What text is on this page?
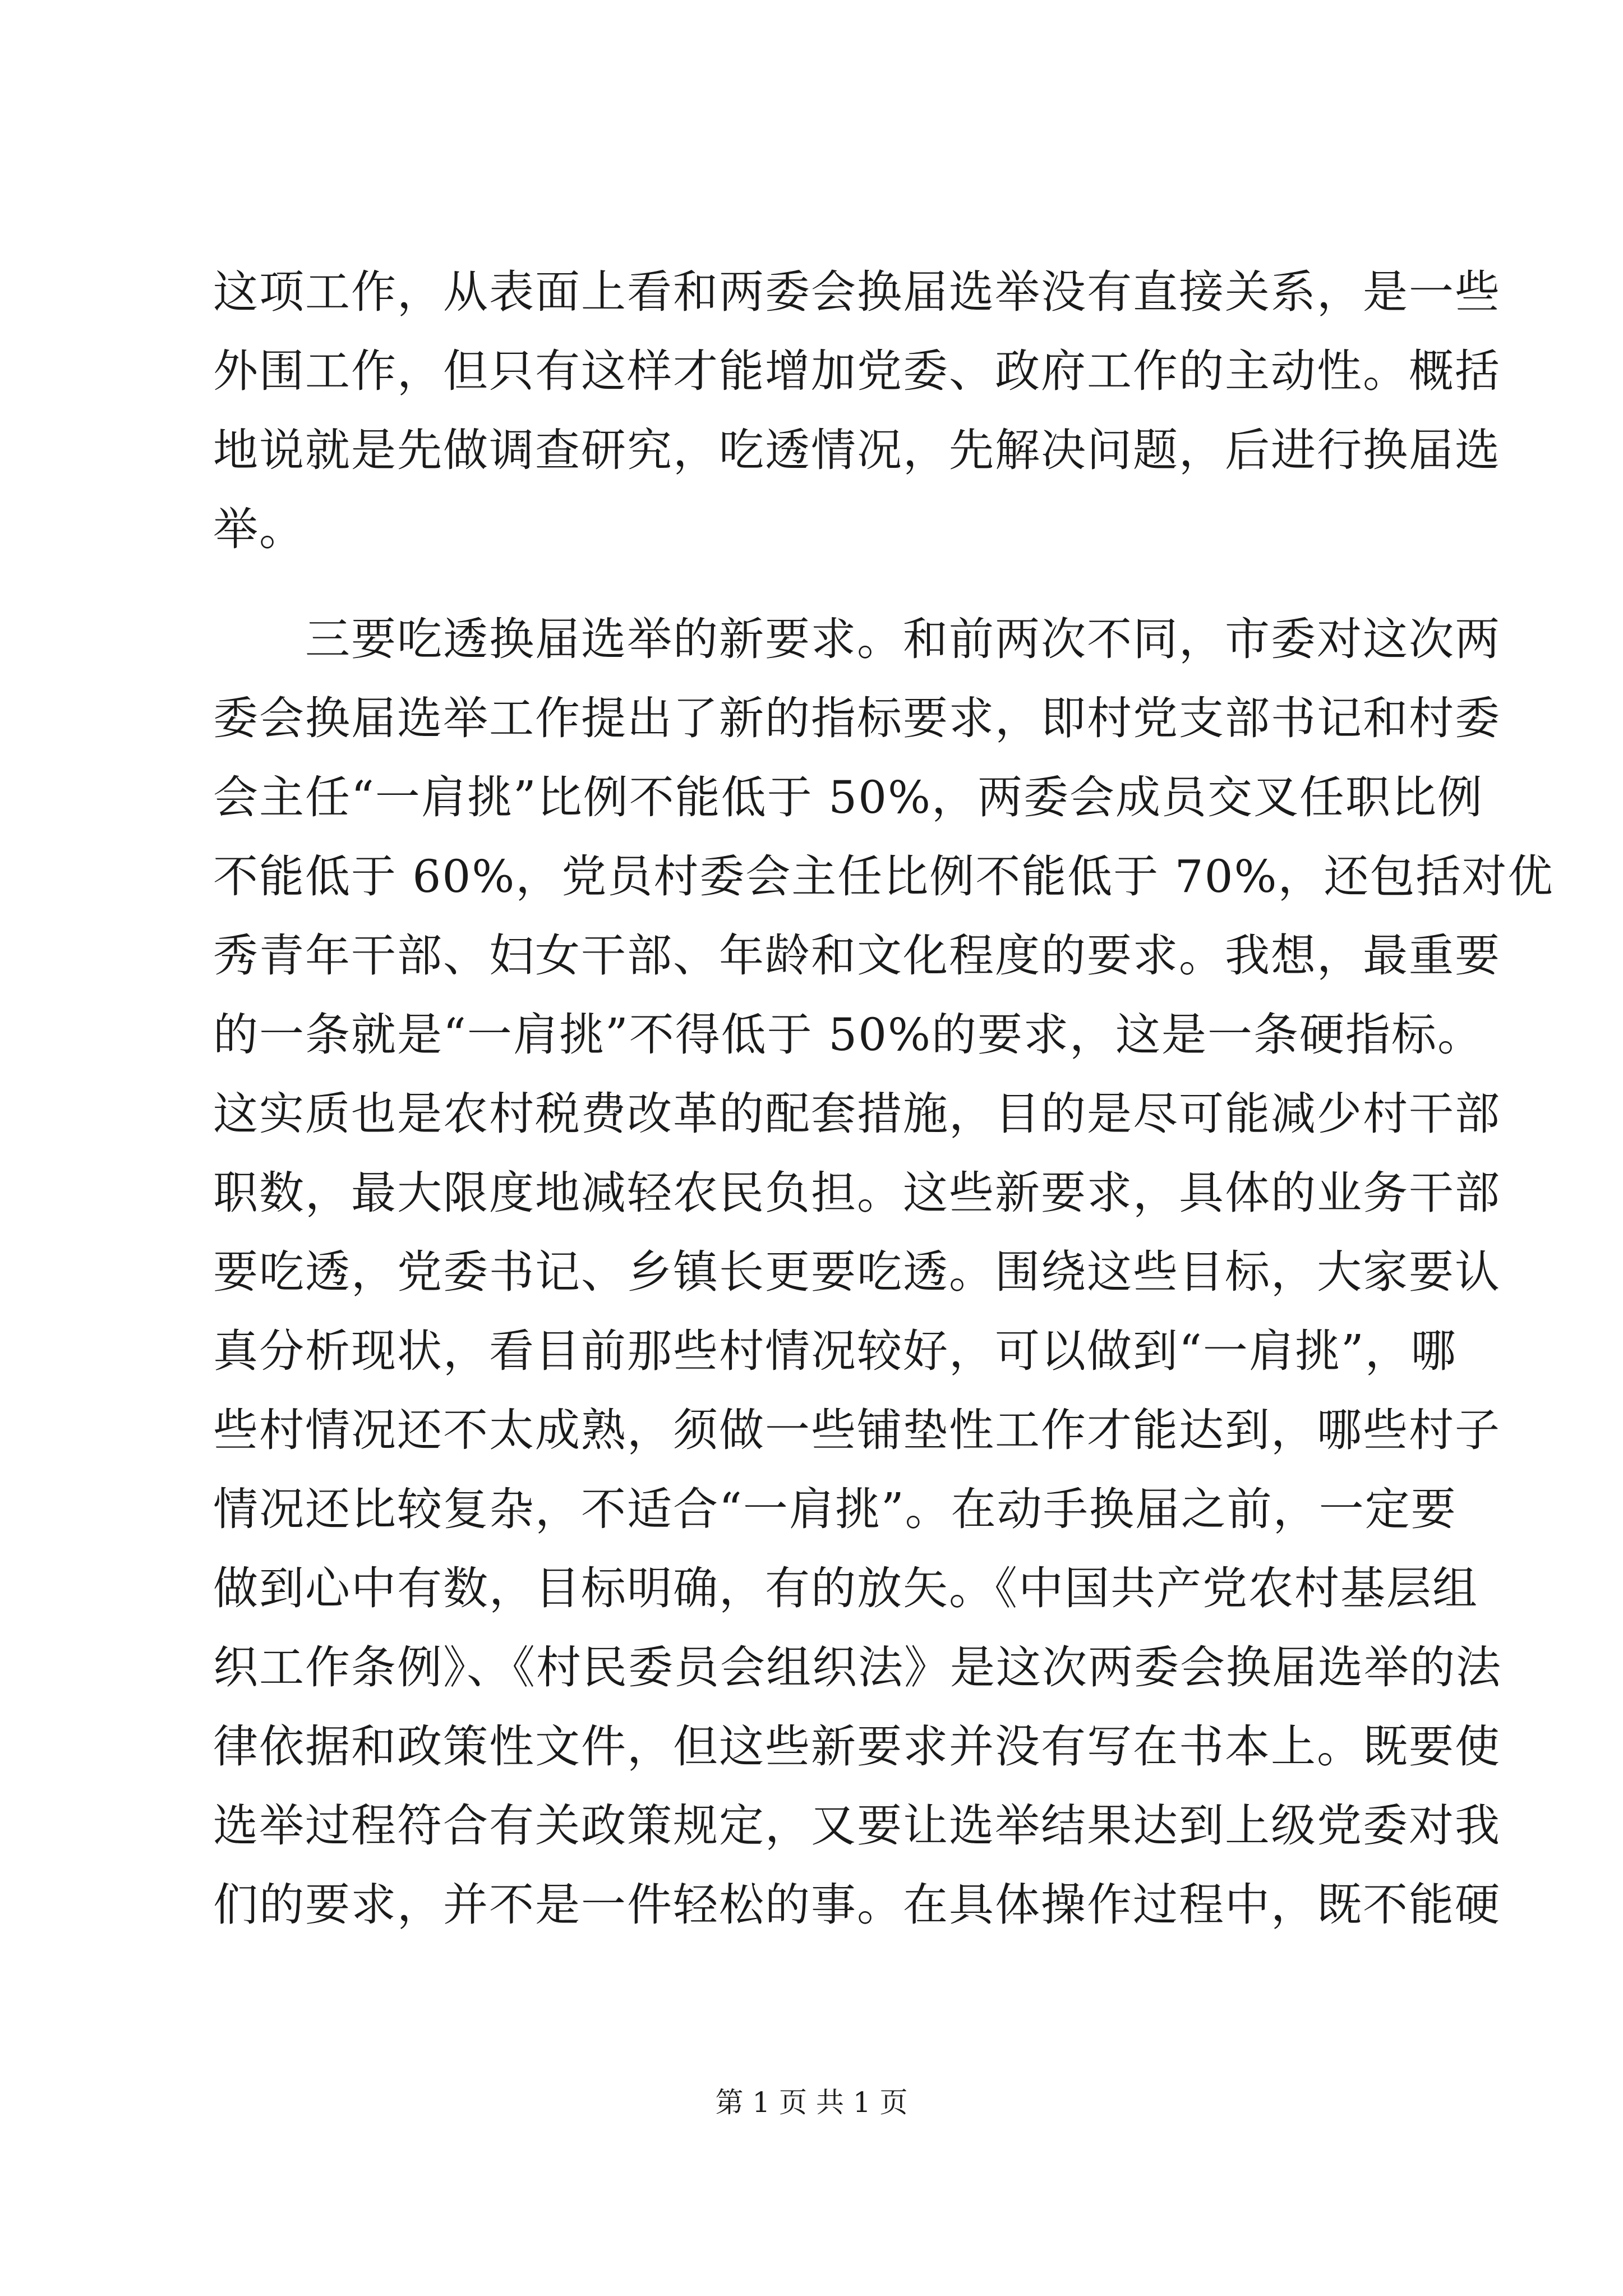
这项工作，从表面上看和两委会换届选举没有直接关系，是一些
外围工作，但只有这样才能增加党委、政府工作的主动性。概括
地说就是先做调查研究，吃透情况，先解决问题，后进行换届选
举。
　　三要吃透换届选举的新要求。和前两次不同，市委对这次两
委会换届选举工作提出了新的指标要求，即村党支部书记和村委
会主任“一肩挑”比例不能低于 50%，两委会成员交叉任职比例
不能低于 60%，党员村委会主任比例不能低于 70%，还包括对优
秀青年干部、妇女干部、年龄和文化程度的要求。我想，最重要
的一条就是“一肩挑”不得低于 50%的要求，这是一条硬指标。
这实质也是农村税费改革的配套措施，目的是尽可能减少村干部
职数，最大限度地减轻农民负担。这些新要求，具体的业务干部
要吃透，党委书记、乡镇长更要吃透。围绕这些目标，大家要认
真分析现状，看目前那些村情况较好，可以做到“一肩挑”，哪
些村情况还不太成熟，须做一些铺垫性工作才能达到，哪些村子
情况还比较复杂，不适合“一肩挑”。在动手换届之前，一定要
做到心中有数，目标明确，有的放矢。《中国共产党农村基层组
织工作条例》、《村民委员会组织法》是这次两委会换届选举的法
律依据和政策性文件，但这些新要求并没有写在书本上。既要使
选举过程符合有关政策规定，又要让选举结果达到上级党委对我
们的要求，并不是一件轻松的事。在具体操作过程中，既不能硬
第 1 页 共 1 页
